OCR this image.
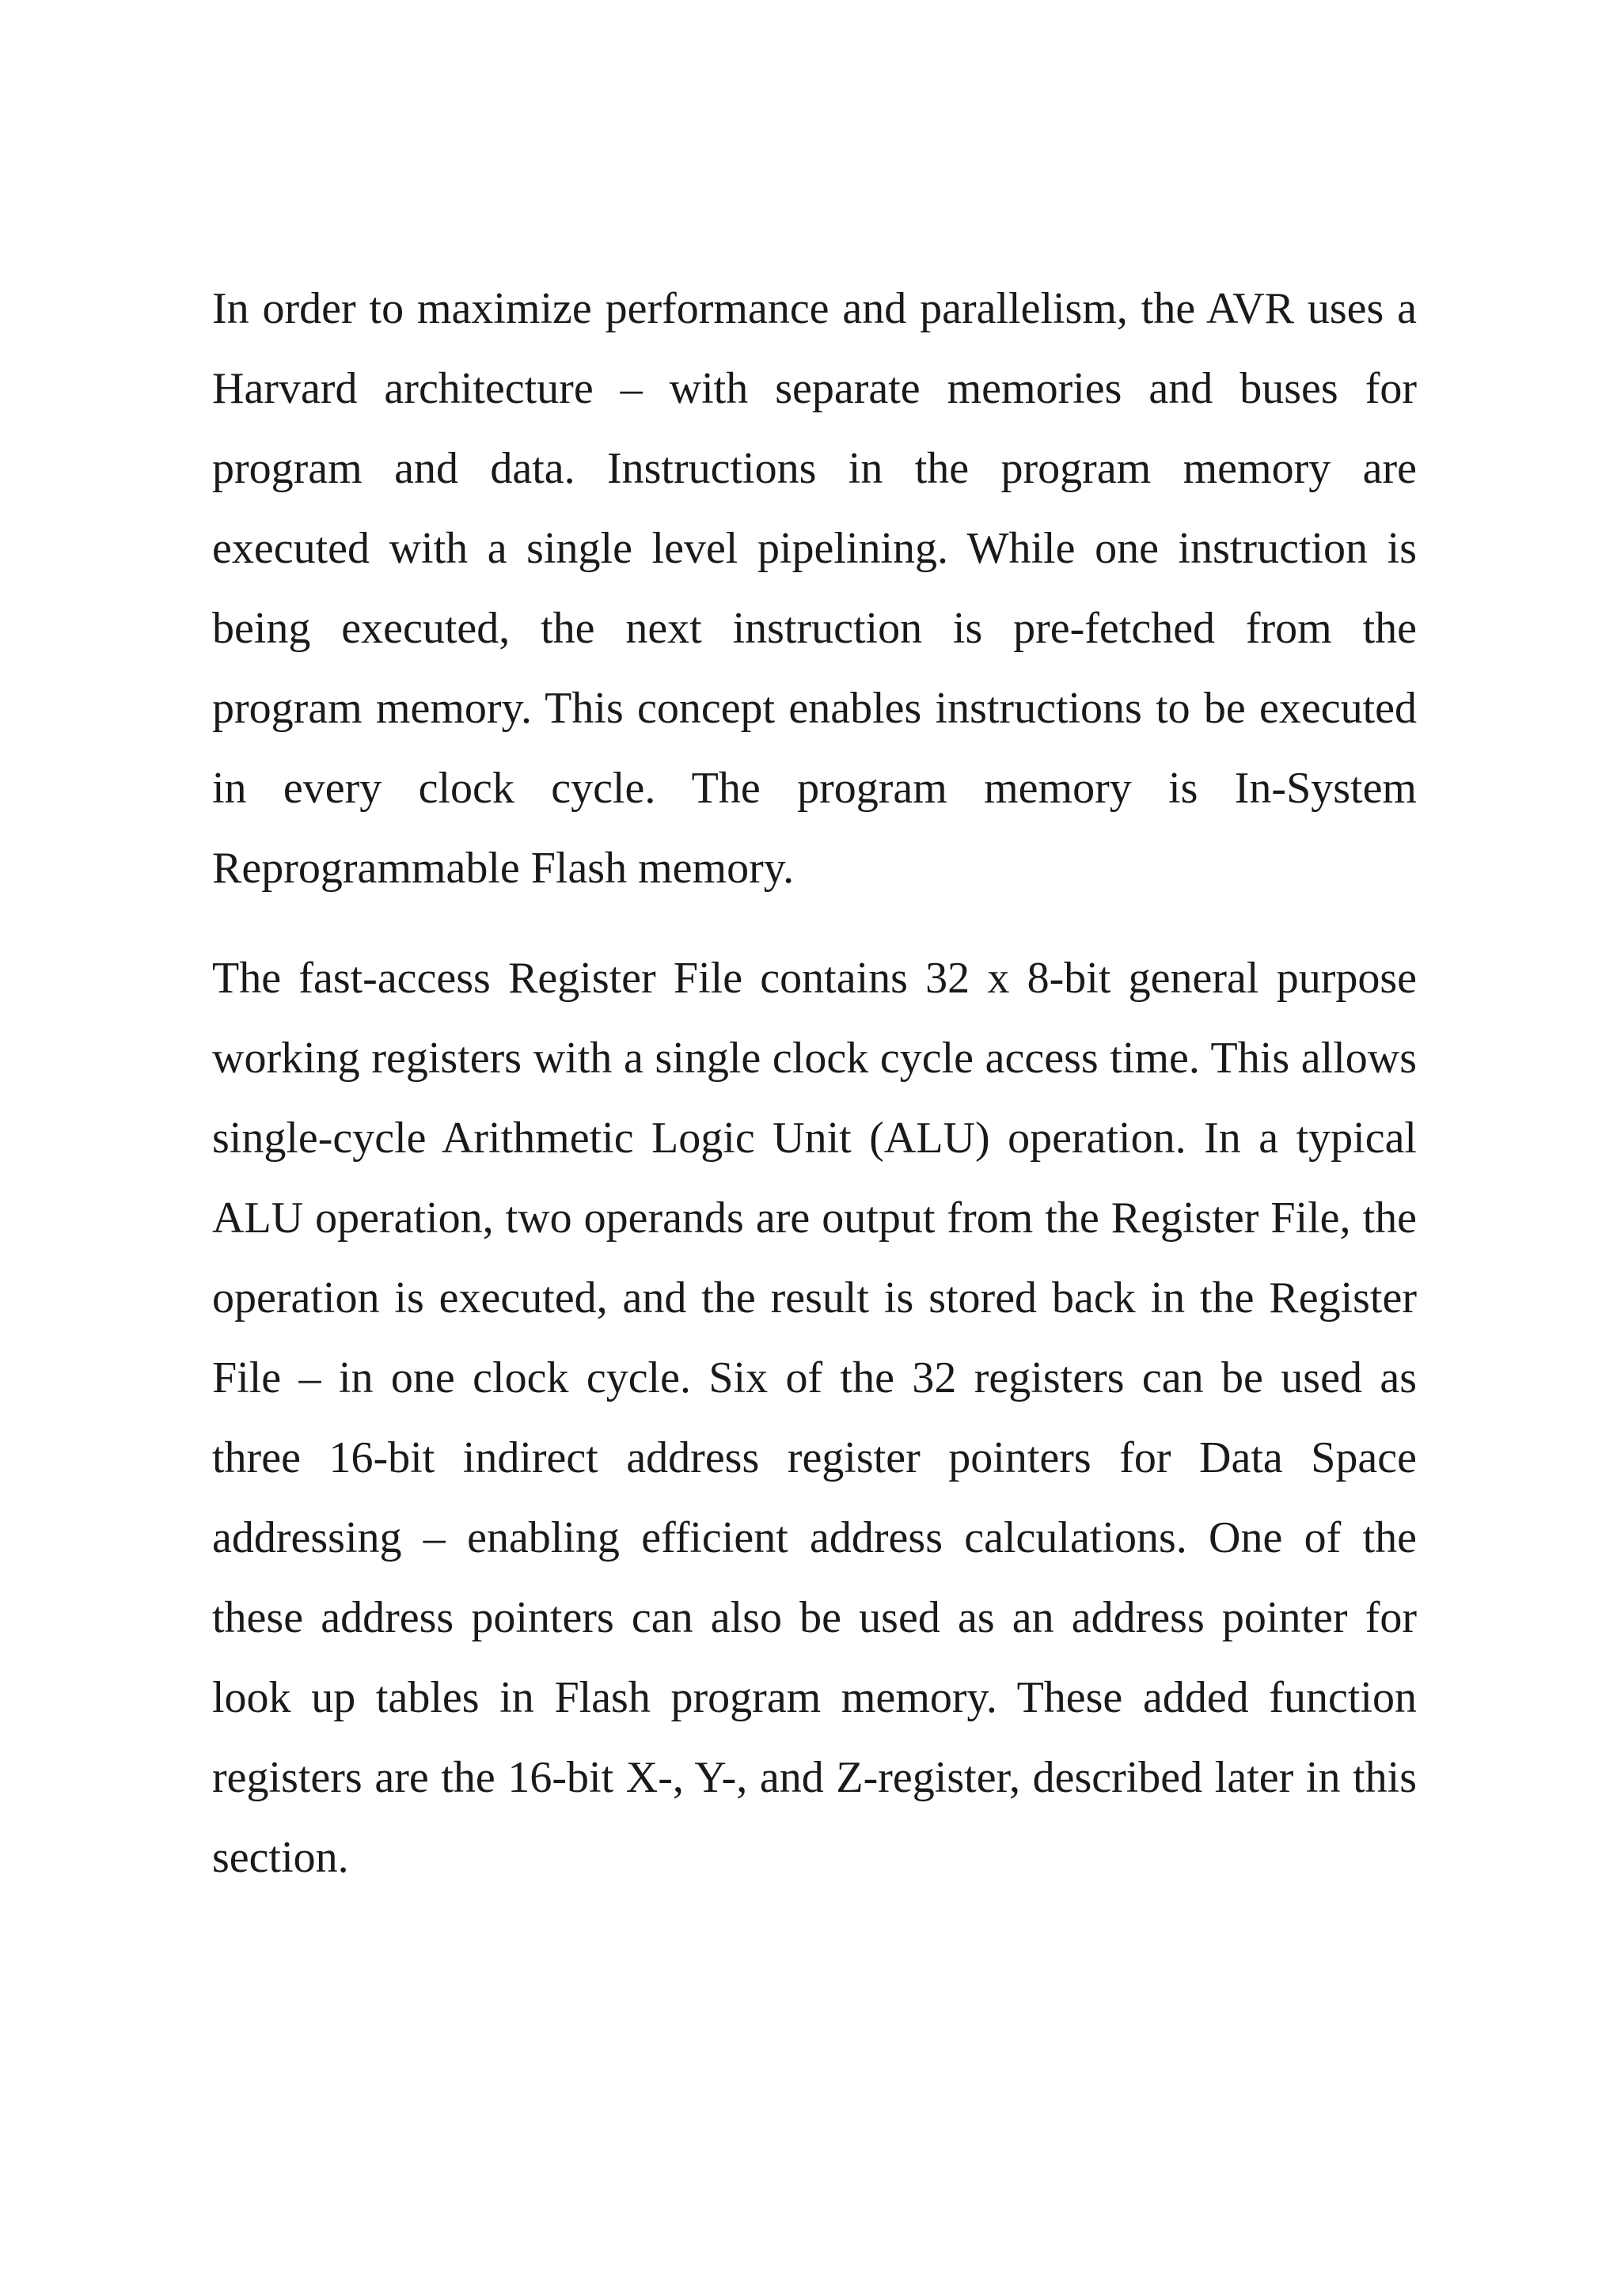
In order to maximize performance and parallelism, the AVR uses a Harvard architecture – with separate memories and buses for program and data. Instructions in the program memory are executed with a single level pipelining. While one instruction is being executed, the next instruction is pre-fetched from the program memory. This concept enables instructions to be executed in every clock cycle. The program memory is In-System Reprogrammable Flash memory.

The fast-access Register File contains 32 x 8-bit general purpose working registers with a single clock cycle access time. This allows single-cycle Arithmetic Logic Unit (ALU) operation. In a typical ALU operation, two operands are output from the Register File, the operation is executed, and the result is stored back in the Register File – in one clock cycle. Six of the 32 registers can be used as three 16-bit indirect address register pointers for Data Space addressing – enabling efficient address calculations. One of the these address pointers can also be used as an address pointer for look up tables in Flash program memory. These added function registers are the 16-bit X-, Y-, and Z-register, described later in this section.
